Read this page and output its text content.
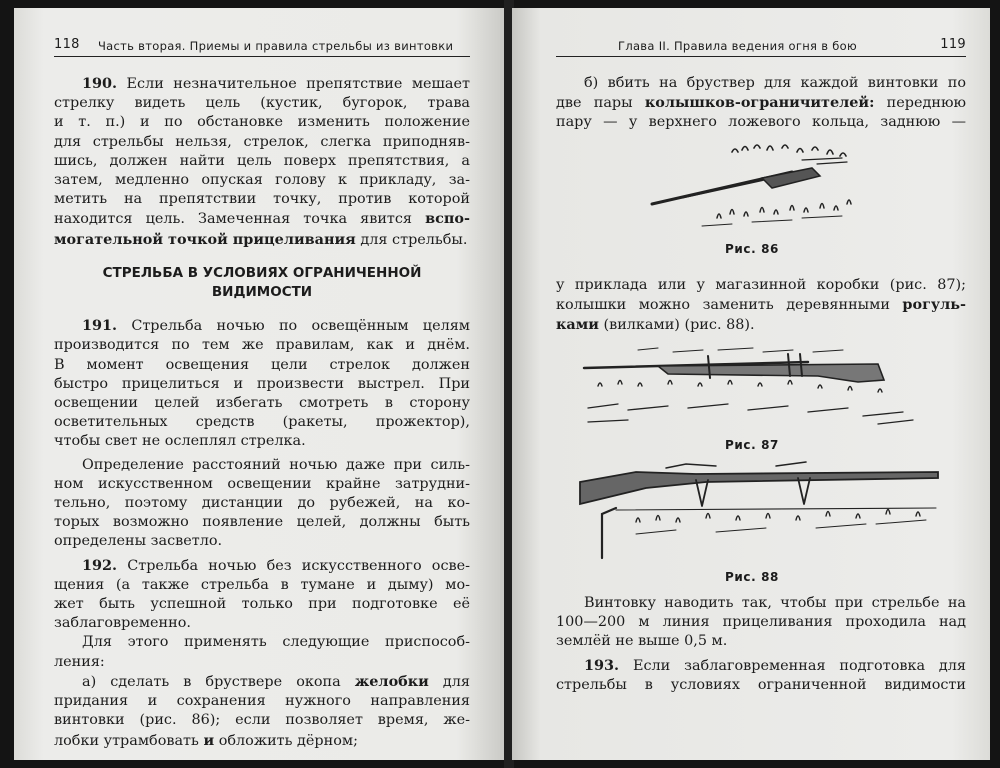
118 Часть вторая. Приемы и правила стрельбы из винтовки
190. Если незначительное препятствие мешает
стрелку видеть цель (кустик, бугорок, трава
и т. п.) и по обстановке изменить положение
для стрельбы нельзя, стрелок, слегка приподняв-
шись, должен найти цель поверх препятствия, а
затем, медленно опуская голову к прикладу, за-
метить на препятствии точку, против которой
находится цель. Замеченная точка явится вспо-
могательной точкой прицеливания для стрельбы.
СТРЕЛЬБА В УСЛОВИЯХ ОГРАНИЧЕННОЙ
ВИДИМОСТИ
191. Стрельба ночью по освещённым целям
производится по тем же правилам, как и днём.
В момент освещения цели стрелок должен
быстро прицелиться и произвести выстрел. При
освещении целей избегать смотреть в сторону
осветительных средств (ракеты, прожектор),
чтобы свет не ослеплял стрелка.
Определение расстояний ночью даже при силь-
ном искусственном освещении крайне затрудни-
тельно, поэтому дистанции до рубежей, на ко-
торых возможно появление целей, должны быть
определены засветло.
192. Стрельба ночью без искусственного осве-
щения (а также стрельба в тумане и дыму) мо-
жет быть успешной только при подготовке её
заблаговременно.
Для этого применять следующие приспособ-
ления:
а) сделать в бруствере окопа желобки для
придания и сохранения нужного направления
винтовки (рис. 86); если позволяет время, же-
лобки утрамбовать и обложить дёрном;
Глава II. Правила ведения огня в бою	119
б) вбить на бруствер для каждой винтовки по
две пары колышков-ограничителей: переднюю
пару — у верхнего ложевого кольца, заднюю —
Рис. 86
у приклада или у магазинной коробки (рис. 87);
колышки можно заменить деревянными рогуль-
ками (вилками) (рис. 88).
Рис. 87
Рис. 88
Винтовку наводить так, чтобы при стрельбе на
100—200 м линия прицеливания проходила над
землёй не выше 0,5 м.
193. Если заблаговременная подготовка для
стрельбы в условиях ограниченной видимости
